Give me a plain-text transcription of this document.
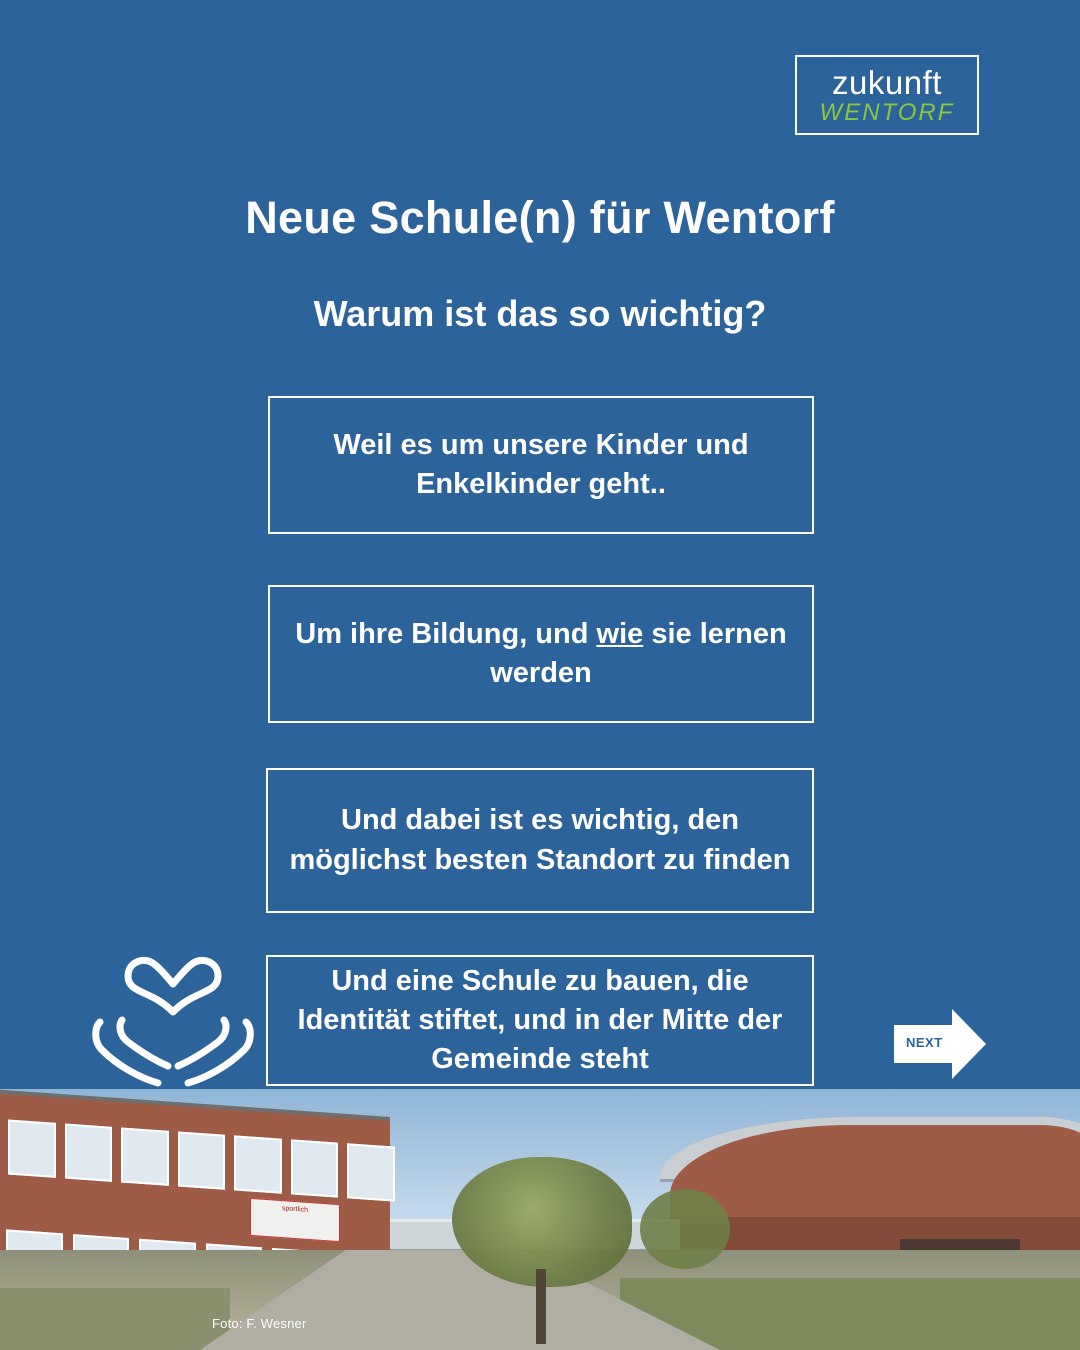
zukunft
WENTORF
Neue Schule(n) für Wentorf
Warum ist das so wichtig?
Weil es um unsere Kinder und Enkelkinder geht..
Um ihre Bildung, und wie sie lernen werden
Und dabei ist es wichtig, den möglichst besten Standort zu finden
Und eine Schule zu bauen, die Identität stiftet, und in der Mitte der Gemeinde steht
NEXT
sportlich
Foto: F. Wesner
